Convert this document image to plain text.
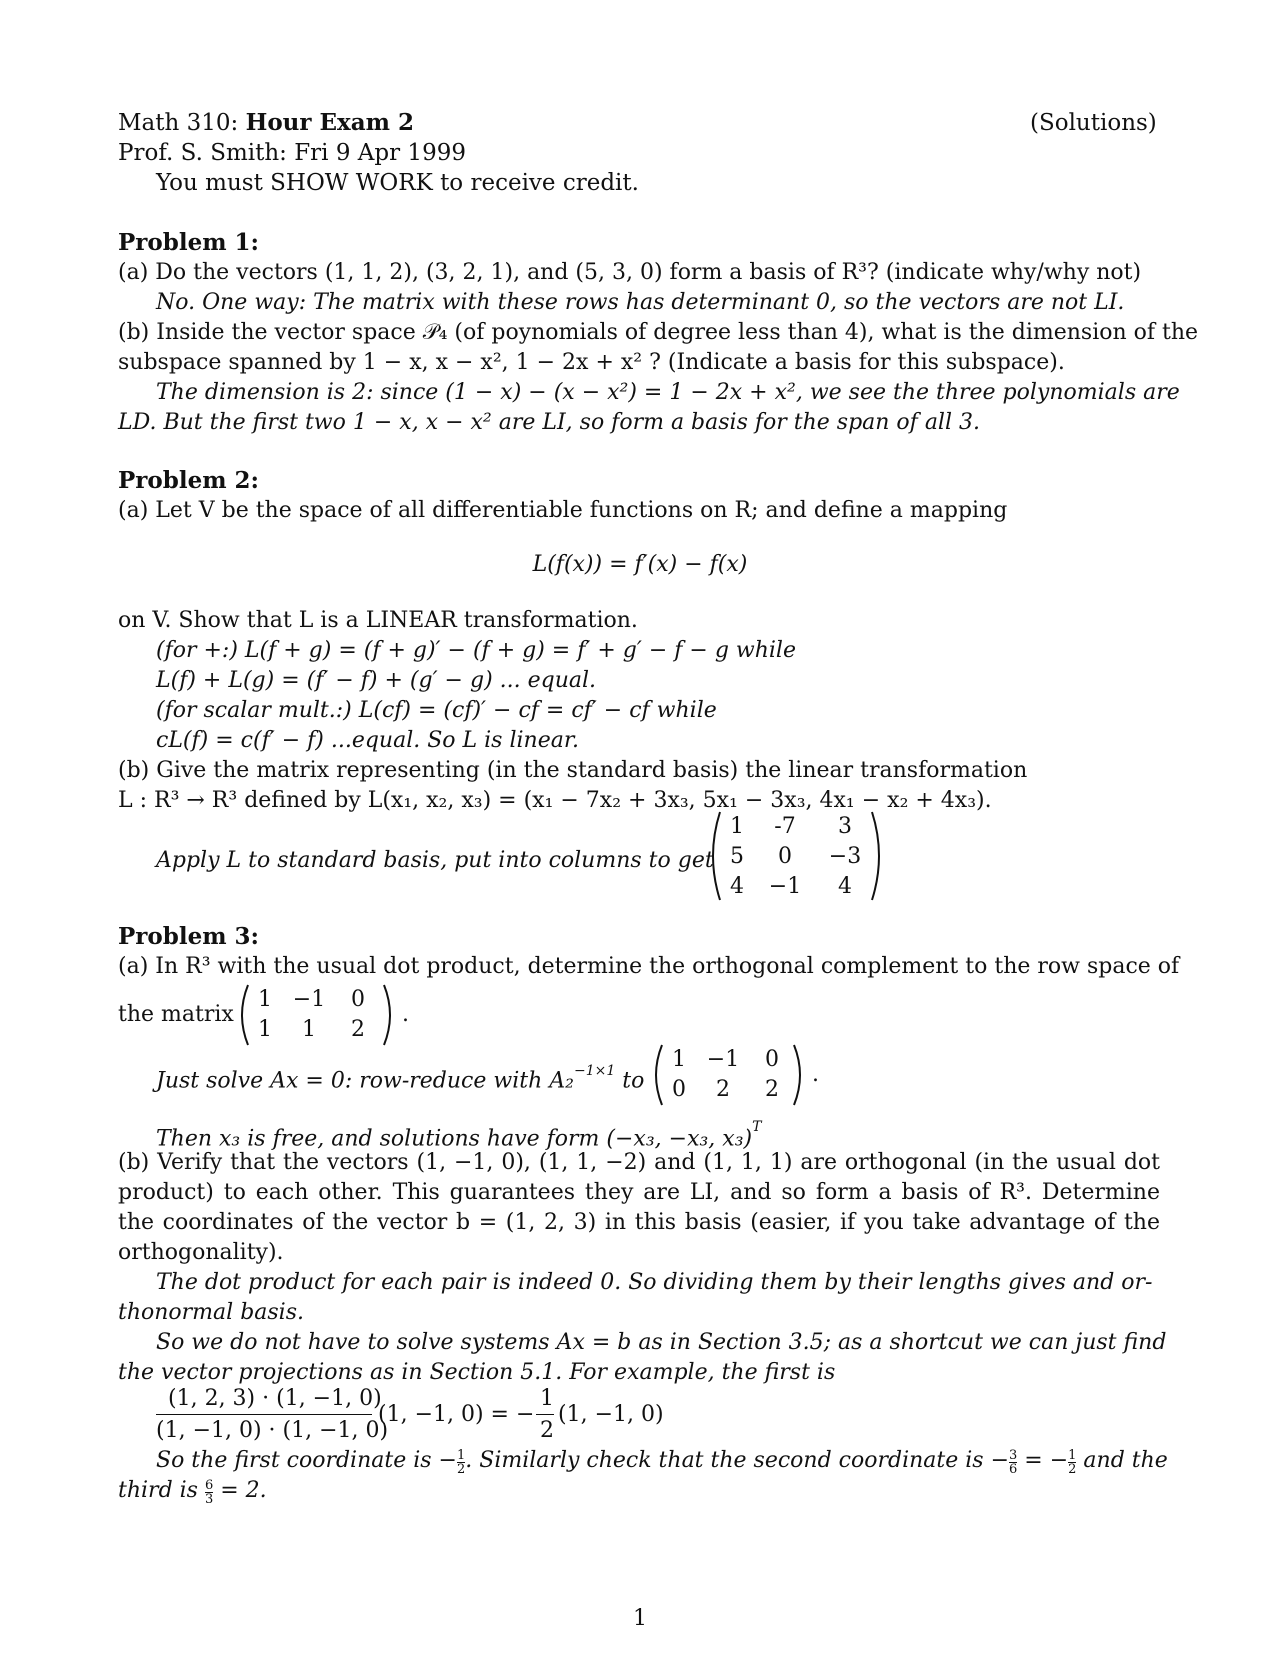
Math 310: Hour Exam 2	(Solutions)
Prof. S. Smith: Fri 9 Apr 1999
You must SHOW WORK to receive credit.
Problem 1:
(a) Do the vectors (1, 1, 2), (3, 2, 1), and (5, 3, 0) form a basis of R³? (indicate why/why not)
No. One way: The matrix with these rows has determinant 0, so the vectors are not LI.
(b) Inside the vector space 𝒫₄ (of poynomials of degree less than 4), what is the dimension of the
subspace spanned by 1 − x, x − x², 1 − 2x + x² ? (Indicate a basis for this subspace).
The dimension is 2: since (1 − x) − (x − x²) = 1 − 2x + x², we see the three polynomials are
LD. But the first two 1 − x, x − x² are LI, so form a basis for the span of all 3.
Problem 2:
(a) Let V be the space of all differentiable functions on R; and define a mapping
L(f(x)) = f′(x) − f(x)
on V. Show that L is a LINEAR transformation.
(for +:) L(f + g) = (f + g)′ − (f + g) = f′ + g′ − f − g while
L(f) + L(g) = (f′ − f) + (g′ − g) ... equal.
(for scalar mult.:) L(cf) = (cf)′ − cf = cf′ − cf while
cL(f) = c(f′ − f) ...equal. So L is linear.
(b) Give the matrix representing (in the standard basis) the linear transformation
L : R³ → R³ defined by L(x₁, x₂, x₃) = (x₁ − 7x₂ + 3x₃, 5x₁ − 3x₃, 4x₁ − x₂ + 4x₃).
Apply L to standard basis, put into columns to get
1	-7	3
5	0	−3
4	−1	4
Problem 3:
(a) In R³ with the usual dot product, determine the orthogonal complement to the row space of
the matrix
1 −1	0
1	1	2
.
Just solve Ax = 0: row-reduce with A₂$^{-1\times 1}$ to
1 −1	0
0	2	2
.
Then x₃ is free, and solutions have form (−x₃, −x₃, x₃)$^T$
(b) Verify that the vectors (1, −1, 0), (1, 1, −2) and (1, 1, 1) are orthogonal (in the usual dot
product) to each other. This guarantees they are LI, and so form a basis of R³. Determine
the coordinates of the vector b = (1, 2, 3) in this basis (easier, if you take advantage of the
orthogonality).
The dot product for each pair is indeed 0. So dividing them by their lengths gives and or-
thonormal basis.
So we do not have to solve systems Ax = b as in Section 3.5; as a shortcut we can just find
the vector projections as in Section 5.1. For example, the first is
(1, 2, 3) · (1, −1, 0)
(1, −1, 0) · (1, −1, 0)
(1, −1, 0) = −
1
2
(1, −1, 0)
So the first coordinate is − $\frac{1}{2}$ . Similarly check that the second coordinate is − $\frac{3}{6}$ = − $\frac{1}{2}$ and the
third is $\frac{6}{3} = 2$.
1
